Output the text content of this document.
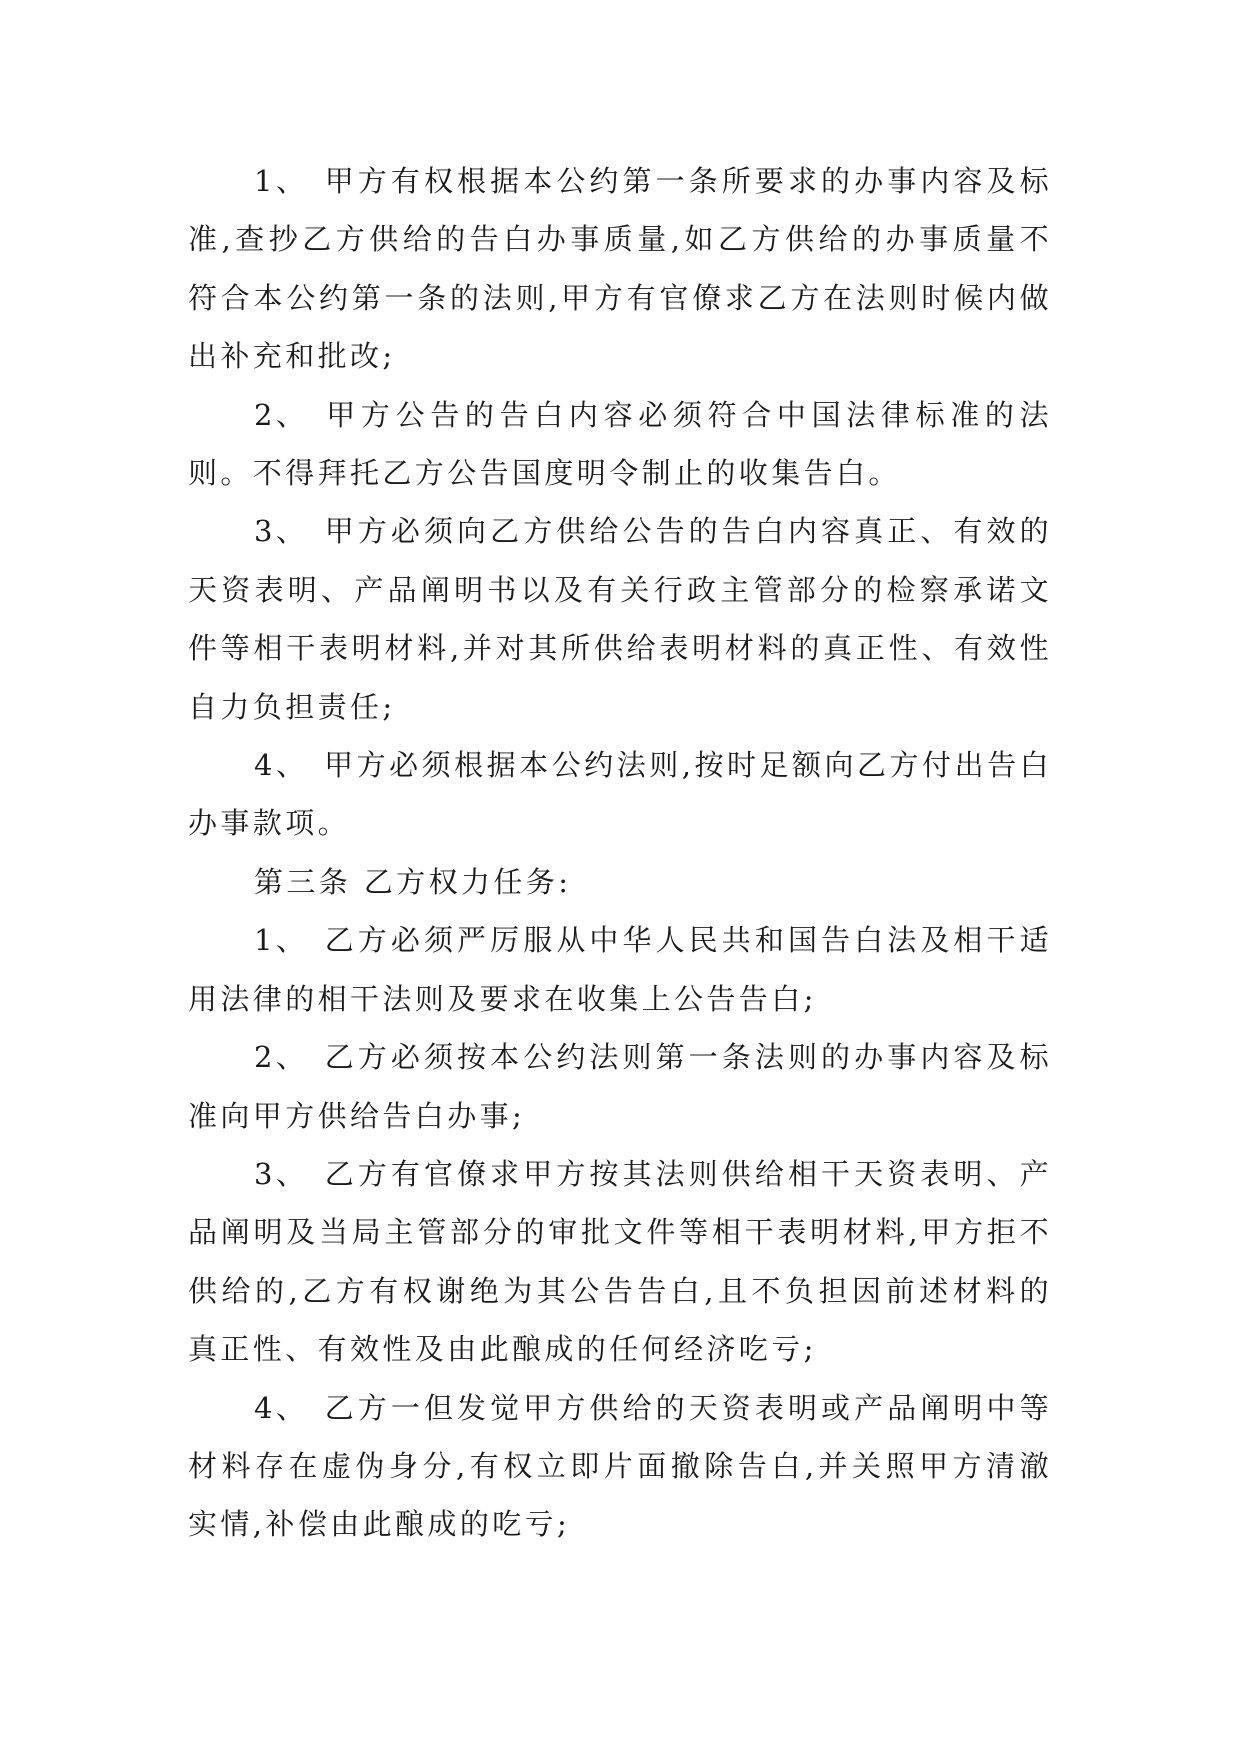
1、 甲方有权根据本公约第一条所要求的办事内容及标准,查抄乙方供给的告白办事质量,如乙方供给的办事质量不符合本公约第一条的法则,甲方有官僚求乙方在法则时候内做出补充和批改;

2、 甲方公告的告白内容必须符合中国法律标准的法则。不得拜托乙方公告国度明令制止的收集告白。

3、 甲方必须向乙方供给公告的告白内容真正、有效的天资表明、产品阐明书以及有关行政主管部分的检察承诺文件等相干表明材料,并对其所供给表明材料的真正性、有效性自力负担责任;

4、 甲方必须根据本公约法则,按时足额向乙方付出告白办事款项。

第三条 乙方权力任务:

1、 乙方必须严厉服从中华人民共和国告白法及相干适用法律的相干法则及要求在收集上公告告白;

2、 乙方必须按本公约法则第一条法则的办事内容及标准向甲方供给告白办事;

3、 乙方有官僚求甲方按其法则供给相干天资表明、产品阐明及当局主管部分的审批文件等相干表明材料,甲方拒不供给的,乙方有权谢绝为其公告告白,且不负担因前述材料的真正性、有效性及由此酿成的任何经济吃亏;

4、 乙方一但发觉甲方供给的天资表明或产品阐明中等材料存在虚伪身分,有权立即片面撤除告白,并关照甲方清澈实情,补偿由此酿成的吃亏;
